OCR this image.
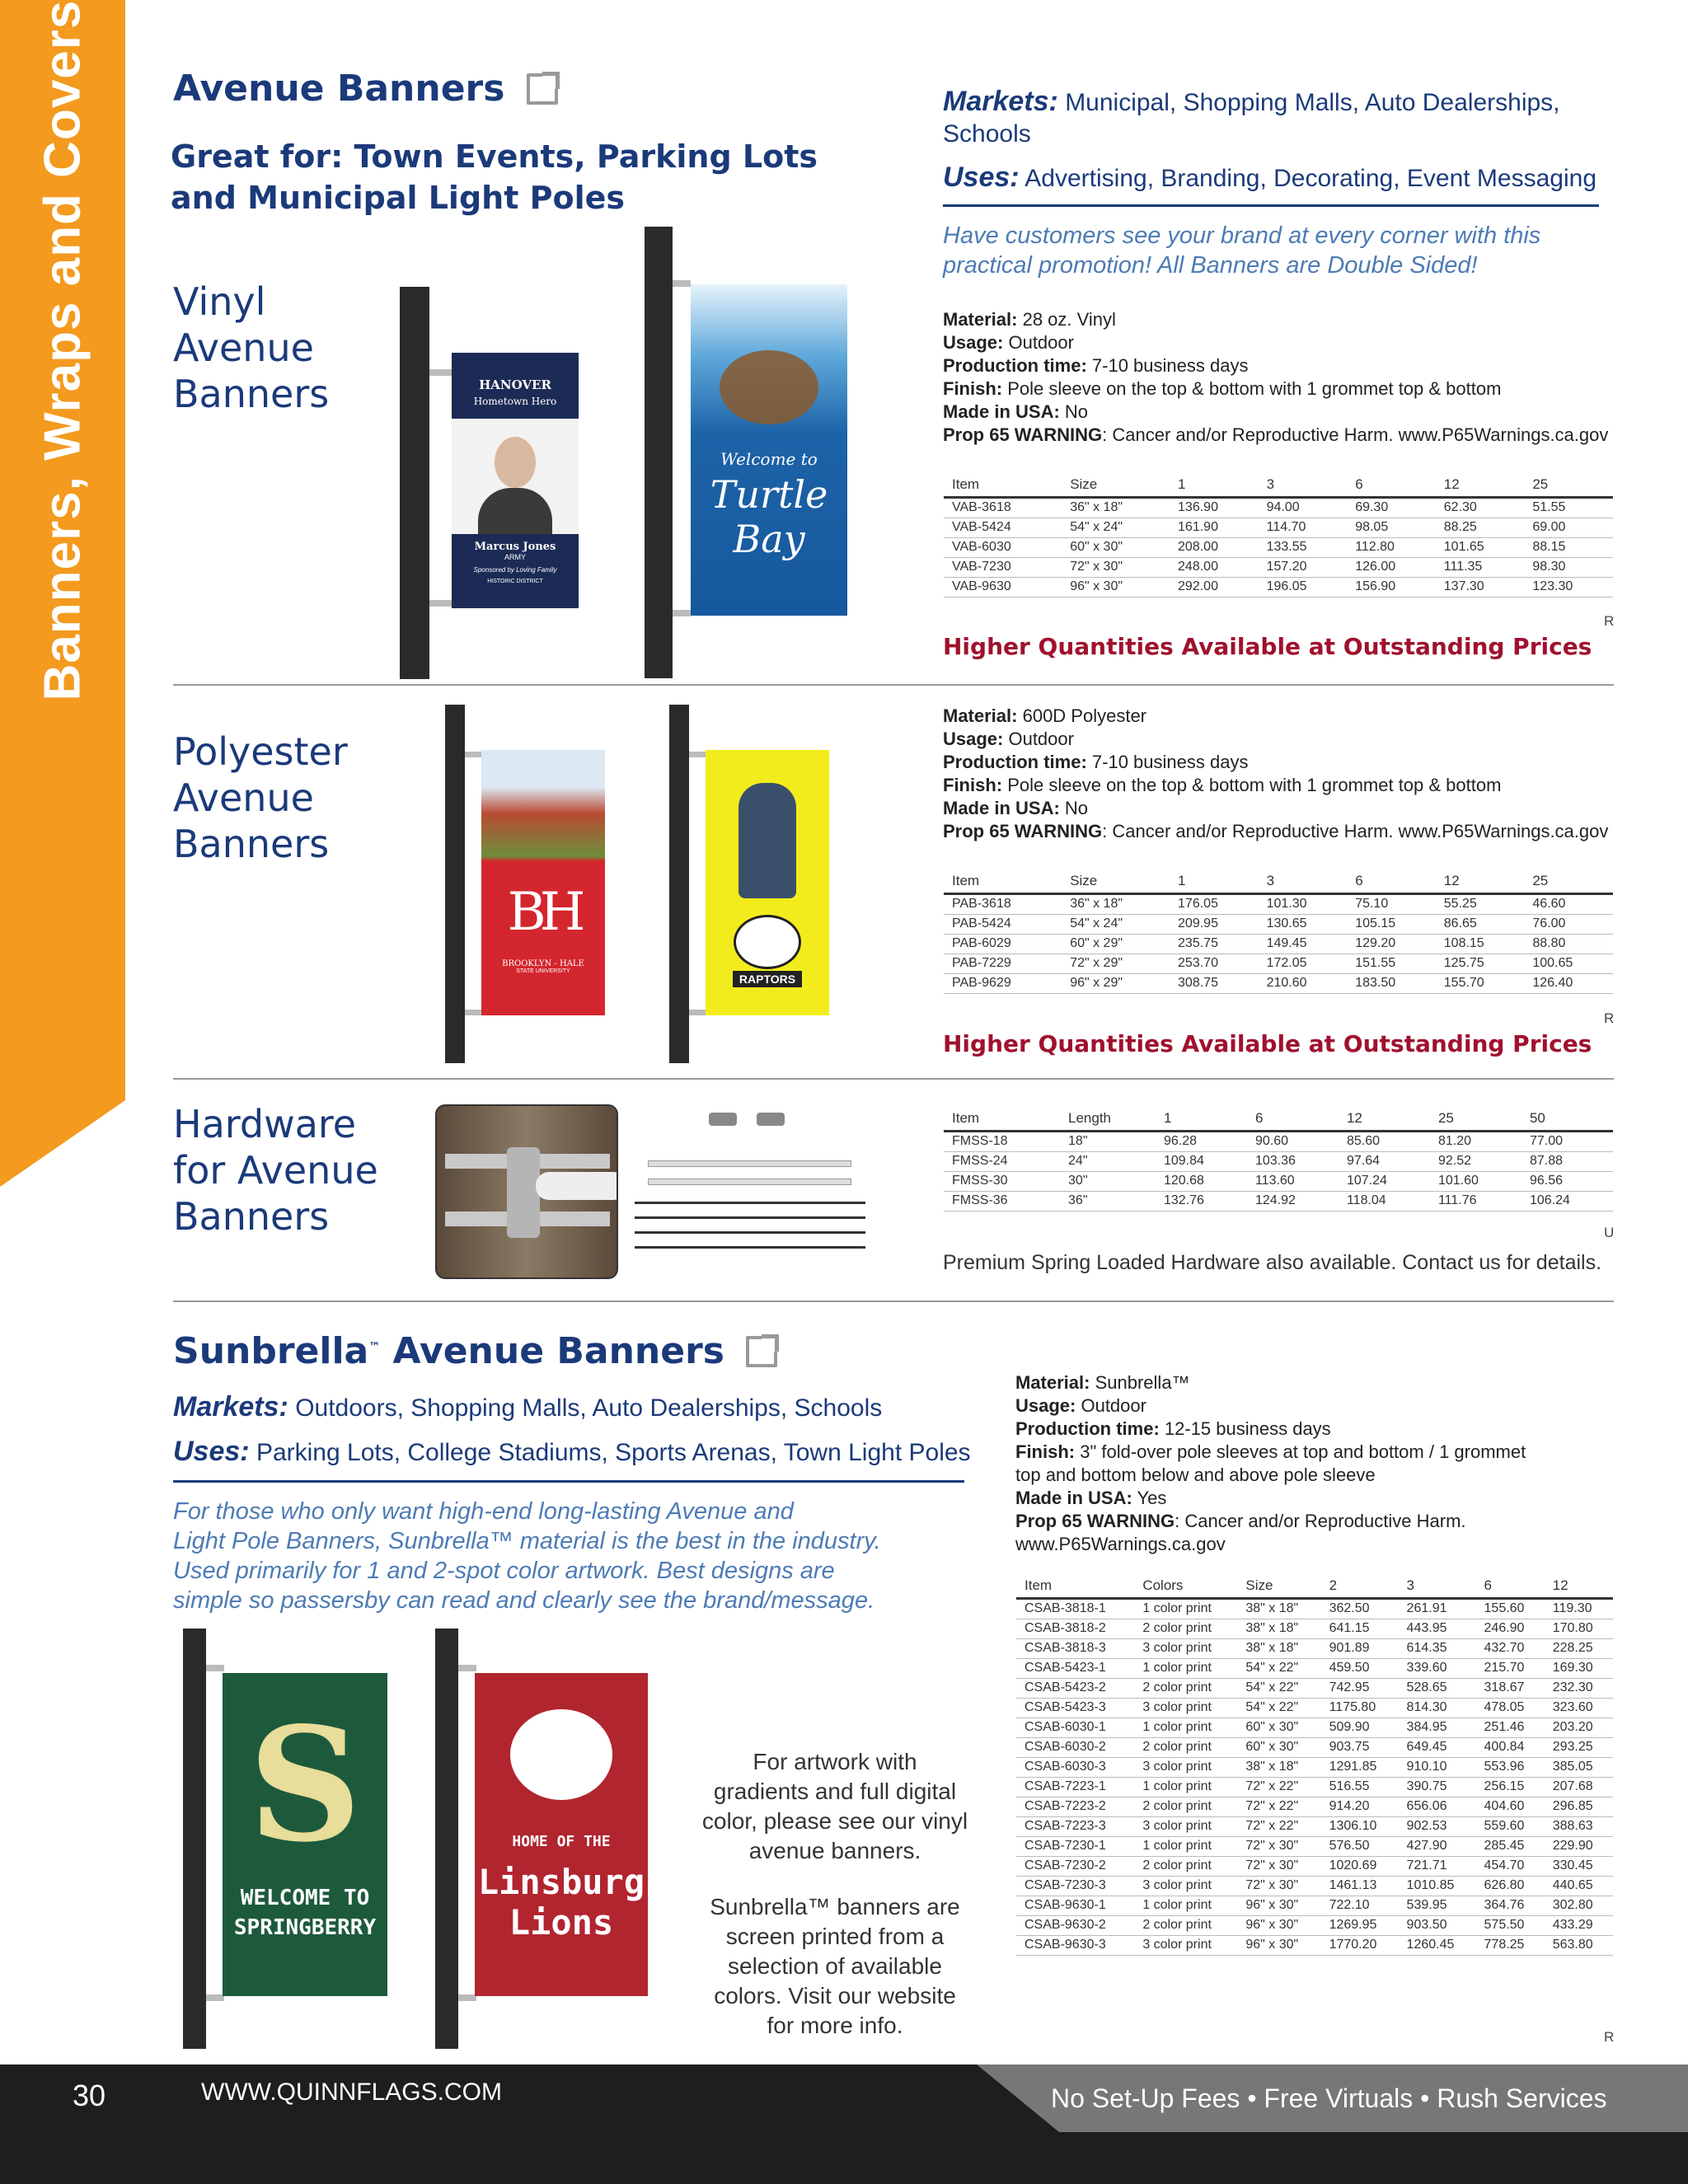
Banners, Wraps and Covers Avenue Banners
Great for: Town Events, Parking Lots
and Municipal Light Poles
Markets: Municipal, Shopping Malls, Auto Dealerships,
Schools
Uses: Advertising, Branding, Decorating, Event Messaging
Have customers see your brand at every corner with this
practical promotion! All Banners are Double Sided!
Vinyl
Avenue
Banners	HANOVER
Hometown Hero
Marcus Jones
ARMY
Sponsored by Loving Family
HISTORIC DISTRICT
Welcome to
Turtle
Bay
Material: 28 oz. Vinyl
Usage: Outdoor
Production time: 7-10 business days
Finish: Pole sleeve on the top & bottom with 1 grommet top & bottom
Made in USA: No
Prop 65 WARNING: Cancer and/or Reproductive Harm. www.P65Warnings.ca.gov
Item	Size	1	3	6	12	25
VAB-3618	36" x 18"	136.90	94.00	69.30	62.30	51.55
VAB-5424	54" x 24"	161.90	114.70	98.05	88.25	69.00
VAB-6030	60" x 30"	208.00	133.55	112.80	101.65	88.15
VAB-7230	72" x 30"	248.00	157.20	126.00	111.35	98.30
VAB-9630	96" x 30"	292.00	196.05	156.90	137.30	123.30
R
Higher Quantities Available at Outstanding Prices
Polyester
Avenue
Banners
BH
BROOKLYN - HALE
STATE UNIVERSITY
RAPTORS
Material: 600D Polyester
Usage: Outdoor
Production time: 7-10 business days
Finish: Pole sleeve on the top & bottom with 1 grommet top & bottom
Made in USA: No
Prop 65 WARNING: Cancer and/or Reproductive Harm. www.P65Warnings.ca.gov
Item	Size	1	3	6	12	25
PAB-3618	36" x 18"	176.05	101.30	75.10	55.25	46.60
PAB-5424	54" x 24"	209.95	130.65	105.15	86.65	76.00
PAB-6029	60" x 29"	235.75	149.45	129.20	108.15	88.80
PAB-7229	72" x 29"	253.70	172.05	151.55	125.75	100.65
PAB-9629	96" x 29"	308.75	210.60	183.50	155.70	126.40
R
Higher Quantities Available at Outstanding Prices
Hardware
for Avenue
Banners
Item	Length	1	6	12	25	50
FMSS-18	18"	96.28	90.60	85.60	81.20	77.00
FMSS-24	24"	109.84	103.36	97.64	92.52	87.88
FMSS-30	30"	120.68	113.60	107.24	101.60	96.56
FMSS-36	36"	132.76	124.92	118.04	111.76	106.24
U
Premium Spring Loaded Hardware also available. Contact us for details.
Sunbrella™ Avenue Banners
Markets: Outdoors, Shopping Malls, Auto Dealerships, Schools
Uses: Parking Lots, College Stadiums, Sports Arenas, Town Light Poles
For those who only want high-end long-lasting Avenue and
Light Pole Banners, Sunbrella™ material is the best in the industry.
Used primarily for 1 and 2-spot color artwork. Best designs are
simple so passersby can read and clearly see the brand/message.
S
WELCOME TO
SPRINGBERRY
HOME OF THE
Linsburg
Lions
For artwork with
gradients and full digital
color, please see our vinyl
avenue banners.
Sunbrella™ banners are
screen printed from a
selection of available
colors. Visit our website
for more info.
Material: Sunbrella™
Usage: Outdoor
Production time: 12-15 business days
Finish: 3" fold-over pole sleeves at top and bottom / 1 grommet
top and bottom below and above pole sleeve
Made in USA: Yes
Prop 65 WARNING: Cancer and/or Reproductive Harm.
www.P65Warnings.ca.gov
Item	Colors	Size	2	3	6	12
CSAB-3818-1	1 color print	38" x 18"	362.50	261.91	155.60	119.30
CSAB-3818-2	2 color print	38" x 18"	641.15	443.95	246.90	170.80
CSAB-3818-3	3 color print	38" x 18"	901.89	614.35	432.70	228.25
CSAB-5423-1	1 color print	54" x 22"	459.50	339.60	215.70	169.30
CSAB-5423-2	2 color print	54" x 22"	742.95	528.65	318.67	232.30
CSAB-5423-3	3 color print	54" x 22"	1175.80	814.30	478.05	323.60
CSAB-6030-1	1 color print	60" x 30"	509.90	384.95	251.46	203.20
CSAB-6030-2	2 color print	60" x 30"	903.75	649.45	400.84	293.25
CSAB-6030-3	3 color print	38" x 18"	1291.85	910.10	553.96	385.05
CSAB-7223-1	1 color print	72" x 22"	516.55	390.75	256.15	207.68
CSAB-7223-2	2 color print	72" x 22"	914.20	656.06	404.60	296.85
CSAB-7223-3	3 color print	72" x 22"	1306.10	902.53	559.60	388.63
CSAB-7230-1	1 color print	72" x 30"	576.50	427.90	285.45	229.90
CSAB-7230-2	2 color print	72" x 30"	1020.69	721.71	454.70	330.45
CSAB-7230-3	3 color print	72" x 30"	1461.13	1010.85	626.80	440.65
CSAB-9630-1	1 color print	96" x 30"	722.10	539.95	364.76	302.80
CSAB-9630-2	2 color print	96" x 30"	1269.95	903.50	575.50	433.29
CSAB-9630-3	3 color print	96" x 30"	1770.20	1260.45	778.25	563.80
R
30	WWW.QUINNFLAGS.COM	No Set-Up Fees • Free Virtuals • Rush Services
